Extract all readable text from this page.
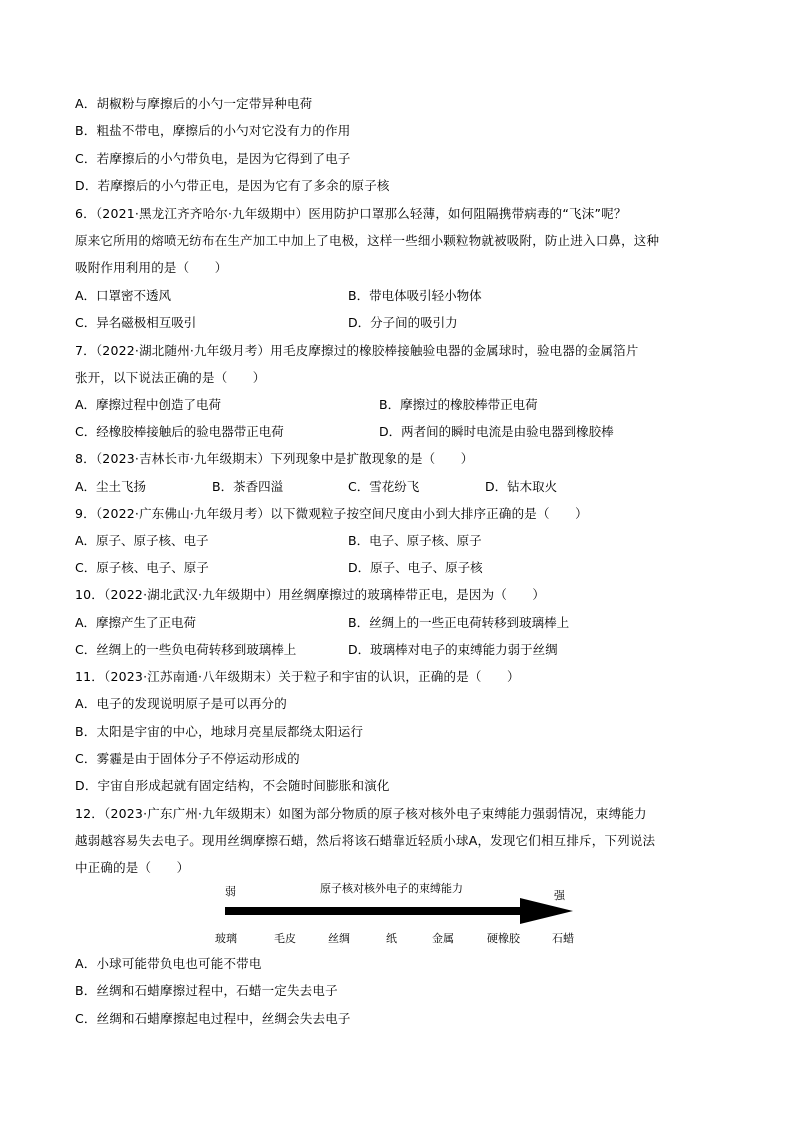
A．胡椒粉与摩擦后的小勺一定带异种电荷
B．粗盐不带电，摩擦后的小勺对它没有力的作用
C．若摩擦后的小勺带负电，是因为它得到了电子
D．若摩擦后的小勺带正电，是因为它有了多余的原子核
6．（2021·黑龙江齐齐哈尔·九年级期中）医用防护口罩那么轻薄，如何阻隔携带病毒的“飞沫”呢？
原来它所用的熔喷无纺布在生产加工中加上了电极，这样一些细小颗粒物就被吸附，防止进入口鼻，这种
吸附作用利用的是（　　）
A．口罩密不透风	B．带电体吸引轻小物体
C．异名磁极相互吸引	D．分子间的吸引力
7．（2022·湖北随州·九年级月考）用毛皮摩擦过的橡胶棒接触验电器的金属球时，验电器的金属箔片
张开，以下说法正确的是（　　）
A．摩擦过程中创造了电荷	B．摩擦过的橡胶棒带正电荷
C．经橡胶棒接触后的验电器带正电荷	D．两者间的瞬时电流是由验电器到橡胶棒
8．（2023·吉林长市·九年级期末）下列现象中是扩散现象的是（　　）
A．尘土飞扬	B．茶香四溢	C．雪花纷飞	D．钻木取火
9．（2022·广东佛山·九年级月考）以下微观粒子按空间尺度由小到大排序正确的是（　　）
A．原子、原子核、电子	B．电子、原子核、原子
C．原子核、电子、原子	D．原子、电子、原子核
10．（2022·湖北武汉·九年级期中）用丝绸摩擦过的玻璃棒带正电，是因为（　　）
A．摩擦产生了正电荷	B．丝绸上的一些正电荷转移到玻璃棒上
C．丝绸上的一些负电荷转移到玻璃棒上	D．玻璃棒对电子的束缚能力弱于丝绸
11．（2023·江苏南通·八年级期末）关于粒子和宇宙的认识，正确的是（　　）
A．电子的发现说明原子是可以再分的
B．太阳是宇宙的中心，地球月亮星辰都绕太阳运行
C．雾霾是由于固体分子不停运动形成的
D．宇宙自形成起就有固定结构，不会随时间膨胀和演化
12．（2023·广东广州·九年级期末）如图为部分物质的原子核对核外电子束缚能力强弱情况，束缚能力
越弱越容易失去电子。现用丝绸摩擦石蜡，然后将该石蜡靠近轻质小球A，发现它们相互排斥，下列说法
中正确的是（　　）
弱	原子核对核外电子的束缚能力
强
玻璃	毛皮	丝绸	纸	金属	硬橡胶	石蜡
A．小球可能带负电也可能不带电
B．丝绸和石蜡摩擦过程中，石蜡一定失去电子
C．丝绸和石蜡摩擦起电过程中，丝绸会失去电子
